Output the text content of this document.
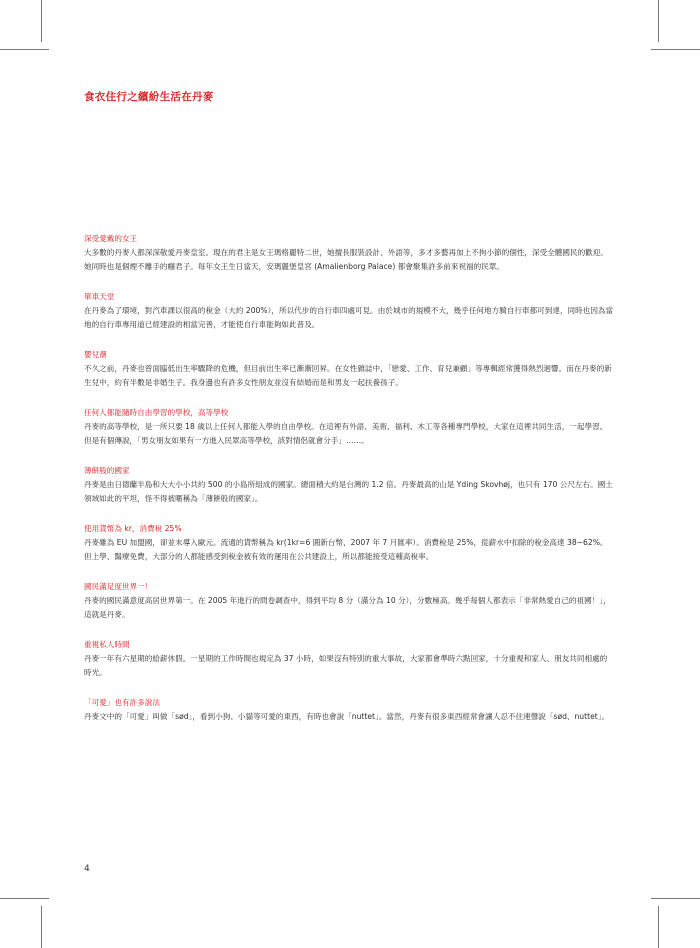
食衣住行之繽紛生活在丹麥
深受愛戴的女王

大多數的丹麥人都深深敬愛丹麥皇室。現在的君主是女王瑪格麗特二世，她擅長服裝設計、外語等，多才多藝再加上不拘小節的個性，深受全體國民的歡迎。她同時也是個煙不離手的癮君子。每年女王生日當天，安瑪麗堡皇宮 (Amalienborg Palace) 都會聚集許多前來祝福的民眾。

單車天堂

在丹麥為了環境，對汽車課以很高的稅金（大約 200%），所以代步的自行車四處可見。由於城市的規模不大，幾乎任何地方騎自行車都可到達，同時也因為當地的自行車專用道已經建設的相當完善，才能使自行車能夠如此普及。

嬰兒潮

不久之前，丹麥也曾面臨低出生率驟降的危機，但目前出生率已漸漸回昇。在女性雜誌中，「戀愛、工作、育兒兼顧」等專輯經常獲得熱烈迴響。而在丹麥的新生兒中，約有半數是非婚生子。我身邊也有許多女性朋友並沒有結婚而是和男友一起扶養孩子。

任何人都能隨時自由學習的學校，高等學校

丹麥的高等學校，是一所只要 18 歲以上任何人都能入學的自由學校。在這裡有外語、美術、福利、木工等各種專門學校，大家在這裡共同生活，一起學習。但是有個傳說，「男女朋友如果有一方進入民眾高等學校，該對情侶就會分手」……。

薄餅般的國家

丹麥是由日德蘭半島和大大小小共約 500 的小島所組成的國家。總面積大約是台灣的 1.2 倍。丹麥最高的山是 Yding Skovhøj，也只有 170 公尺左右。國土領域如此的平坦，怪不得被暱稱為「薄餅般的國家」。

使用貨幣為 kr，消費稅 25%

丹麥雖為 EU 加盟國，卻並未導入歐元。流通的貨幣稱為 kr(1kr=6 圓新台幣，2007 年 7 月匯率）。消費稅是 25%，從薪水中扣除的稅金高達 38~62%。但上學、醫療免費，大部分的人都能感受到稅金被有效的運用在公共建設上，所以都能接受這種高稅率。

國民滿足度世界一！

丹麥的國民滿意度高居世界第一。在 2005 年進行的問卷調查中，得到平均 8 分（滿分為 10 分），分數極高。幾乎每個人都表示「非常熱愛自己的祖國！」，這就是丹麥。

重視私人時間

丹麥一年有六星期的給薪休假。一星期的工作時間也規定為 37 小時，如果沒有特別的重大事故，大家都會準時六點回家，十分重視和家人、朋友共同相處的時光。

「可愛」也有許多說法

丹麥文中的「可愛」叫做「sød」，看到小狗、小貓等可愛的東西，有時也會說「nuttet」。當然，丹麥有很多東西經常會讓人忍不住連聲說「sød、nuttet」。

4
